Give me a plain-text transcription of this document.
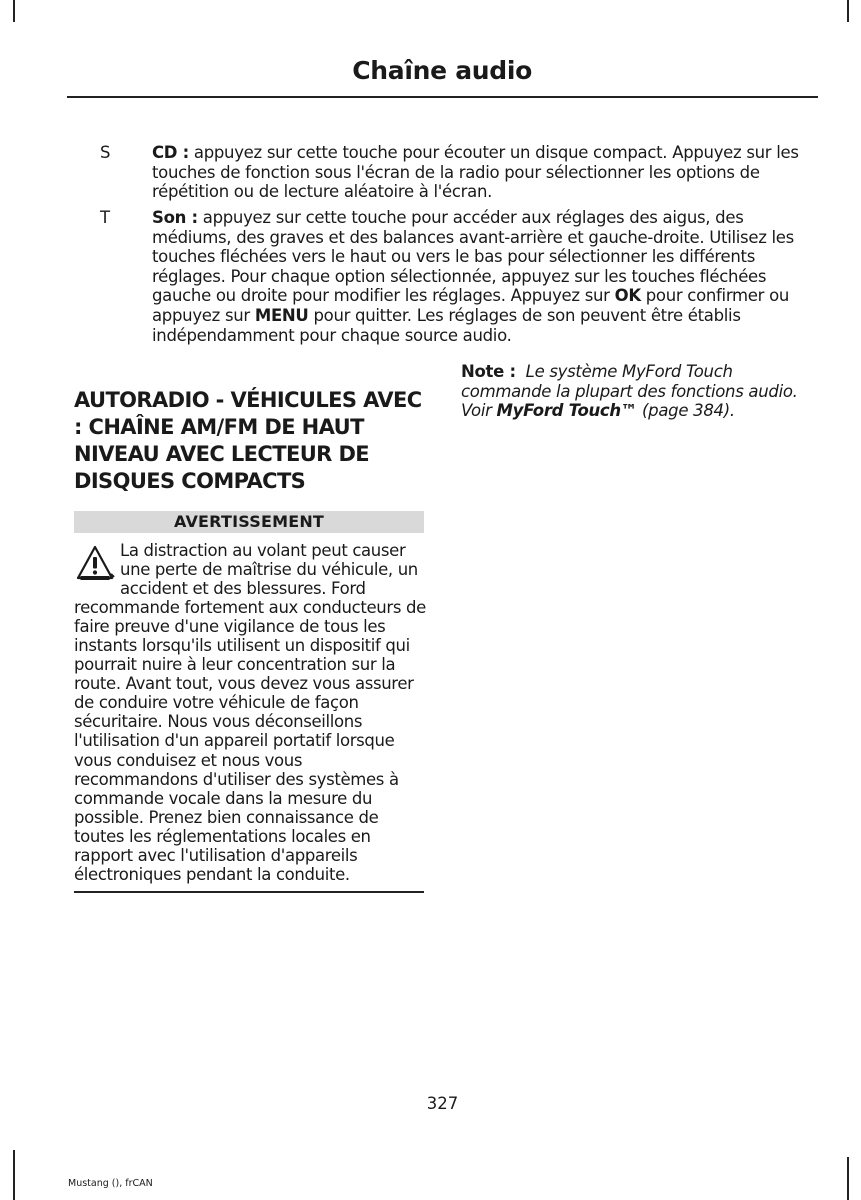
Chaîne audio
S	CD : appuyez sur cette touche pour écouter un disque compact. Appuyez sur les touches de fonction sous l'écran de la radio pour sélectionner les options de répétition ou de lecture aléatoire à l'écran.
T	Son : appuyez sur cette touche pour accéder aux réglages des aigus, des médiums, des graves et des balances avant-arrière et gauche-droite. Utilisez les touches fléchées vers le haut ou vers le bas pour sélectionner les différents réglages. Pour chaque option sélectionnée, appuyez sur les touches fléchées gauche ou droite pour modifier les réglages. Appuyez sur OK pour confirmer ou appuyez sur MENU pour quitter. Les réglages de son peuvent être établis indépendamment pour chaque source audio.
AUTORADIO - VÉHICULES AVEC : CHAÎNE AM/FM DE HAUT NIVEAU AVEC LECTEUR DE DISQUES COMPACTS
AVERTISSEMENT
La distraction au volant peut causer une perte de maîtrise du véhicule, un accident et des blessures. Ford recommande fortement aux conducteurs de faire preuve d'une vigilance de tous les instants lorsqu'ils utilisent un dispositif qui pourrait nuire à leur concentration sur la route. Avant tout, vous devez vous assurer de conduire votre véhicule de façon sécuritaire. Nous vous déconseillons l'utilisation d'un appareil portatif lorsque vous conduisez et nous vous recommandons d'utiliser des systèmes à commande vocale dans la mesure du possible. Prenez bien connaissance de toutes les réglementations locales en rapport avec l'utilisation d'appareils électroniques pendant la conduite.
Note : Le système MyFord Touch commande la plupart des fonctions audio. Voir MyFord Touch™ (page 384).
327
Mustang (), frCAN
